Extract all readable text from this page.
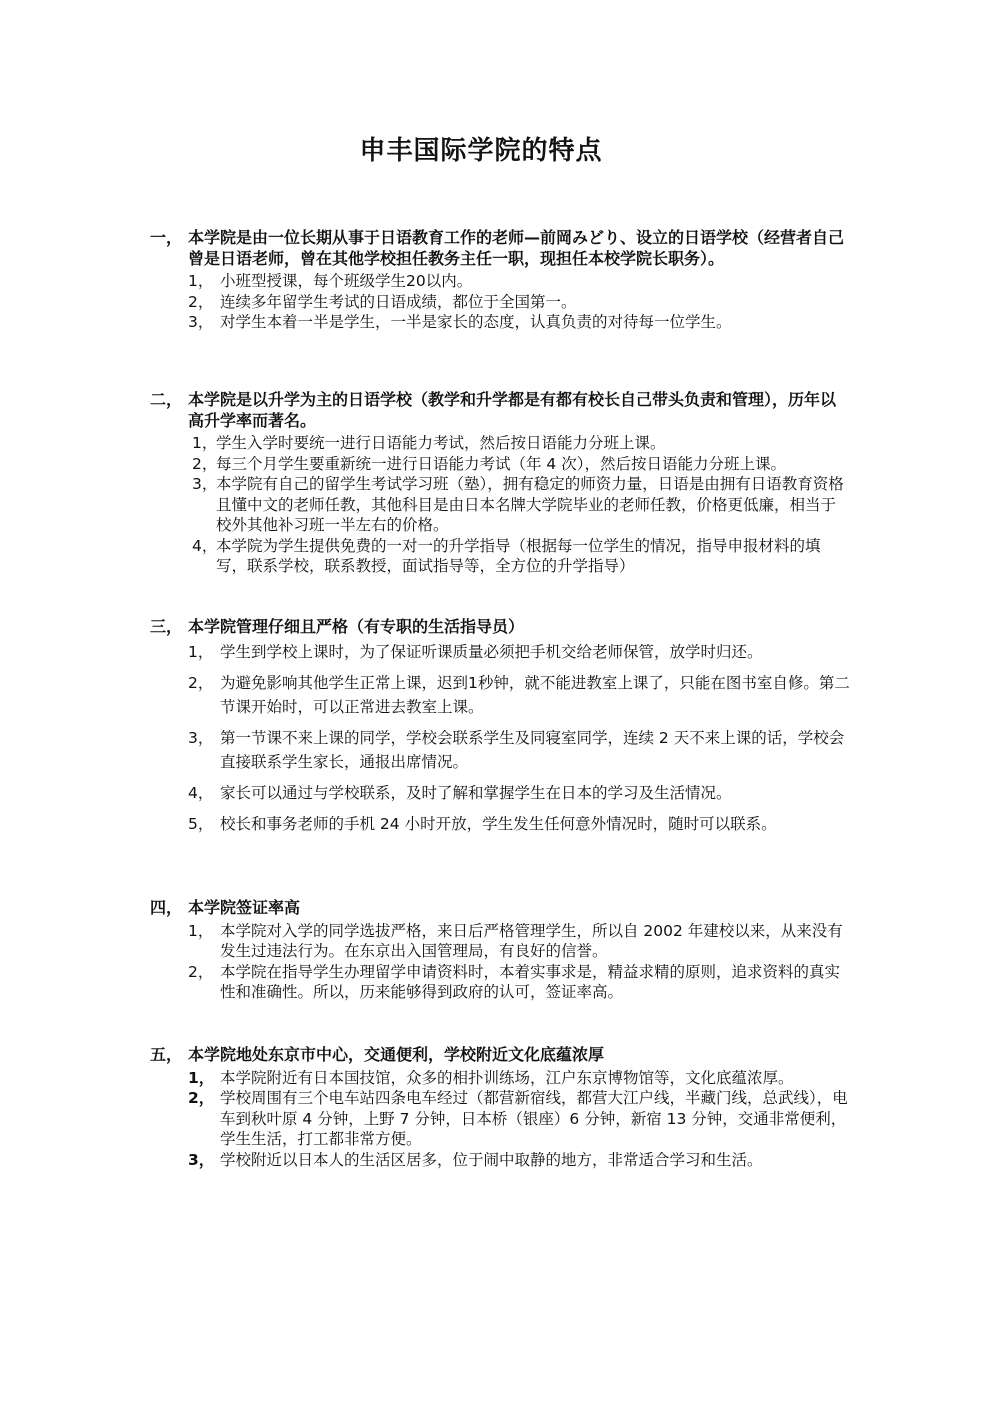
申丰国际学院的特点
一， 本学院是由一位长期从事于日语教育工作的老师—前岡みどり、设立的日语学校（经营者自己曾是日语老师，曾在其他学校担任教务主任一职，现担任本校学院长职务）。
1， 小班型授课，每个班级学生20以内。
2， 连续多年留学生考试的日语成绩，都位于全国第一。
3， 对学生本着一半是学生，一半是家长的态度，认真负责的对待每一位学生。
二， 本学院是以升学为主的日语学校（教学和升学都是有都有校长自己带头负责和管理），历年以高升学率而著名。
1，
学生入学时要统一进行日语能力考试，然后按日语能力分班上课。
2，
每三个月学生要重新统一进行日语能力考试（年 4 次），然后按日语能力分班上课。
3，
本学院有自己的留学生考试学习班（塾），拥有稳定的师资力量，日语是由拥有日语教育资格且懂中文的老师任教，其他科目是由日本名牌大学院毕业的老师任教，价格更低廉，相当于校外其他补习班一半左右的价格。
4，
本学院为学生提供免费的一对一的升学指导（根据每一位学生的情况，指导申报材料的填写，联系学校，联系教授，面试指导等，全方位的升学指导）
三， 本学院管理仔细且严格（有专职的生活指导员）
1， 学生到学校上课时，为了保证听课质量必须把手机交给老师保管，放学时归还。
2， 为避免影响其他学生正常上课，迟到1秒钟，就不能进教室上课了，只能在图书室自修。第二节课开始时，可以正常进去教室上课。
3， 第一节课不来上课的同学，学校会联系学生及同寝室同学，连续 2 天不来上课的话，学校会直接联系学生家长，通报出席情况。
4， 家长可以通过与学校联系，及时了解和掌握学生在日本的学习及生活情况。
5， 校长和事务老师的手机 24 小时开放，学生发生任何意外情况时，随时可以联系。
四， 本学院签证率高
1， 本学院对入学的同学选拔严格，来日后严格管理学生，所以自 2002 年建校以来，从来没有发生过违法行为。在东京出入国管理局，有良好的信誉。
2， 本学院在指导学生办理留学申请资料时，本着实事求是，精益求精的原则，追求资料的真实性和准确性。所以，历来能够得到政府的认可，签证率高。
五， 本学院地处东京市中心，交通便利，学校附近文化底蕴浓厚
1， 本学院附近有日本国技馆，众多的相扑训练场，江户东京博物馆等，文化底蕴浓厚。
2， 学校周围有三个电车站四条电车经过（都营新宿线，都营大江户线，半藏门线，总武线），电车到秋叶原 4 分钟，上野 7 分钟，日本桥（银座）6 分钟，新宿 13 分钟，交通非常便利，学生生活，打工都非常方便。
3， 学校附近以日本人的生活区居多，位于闹中取静的地方，非常适合学习和生活。
